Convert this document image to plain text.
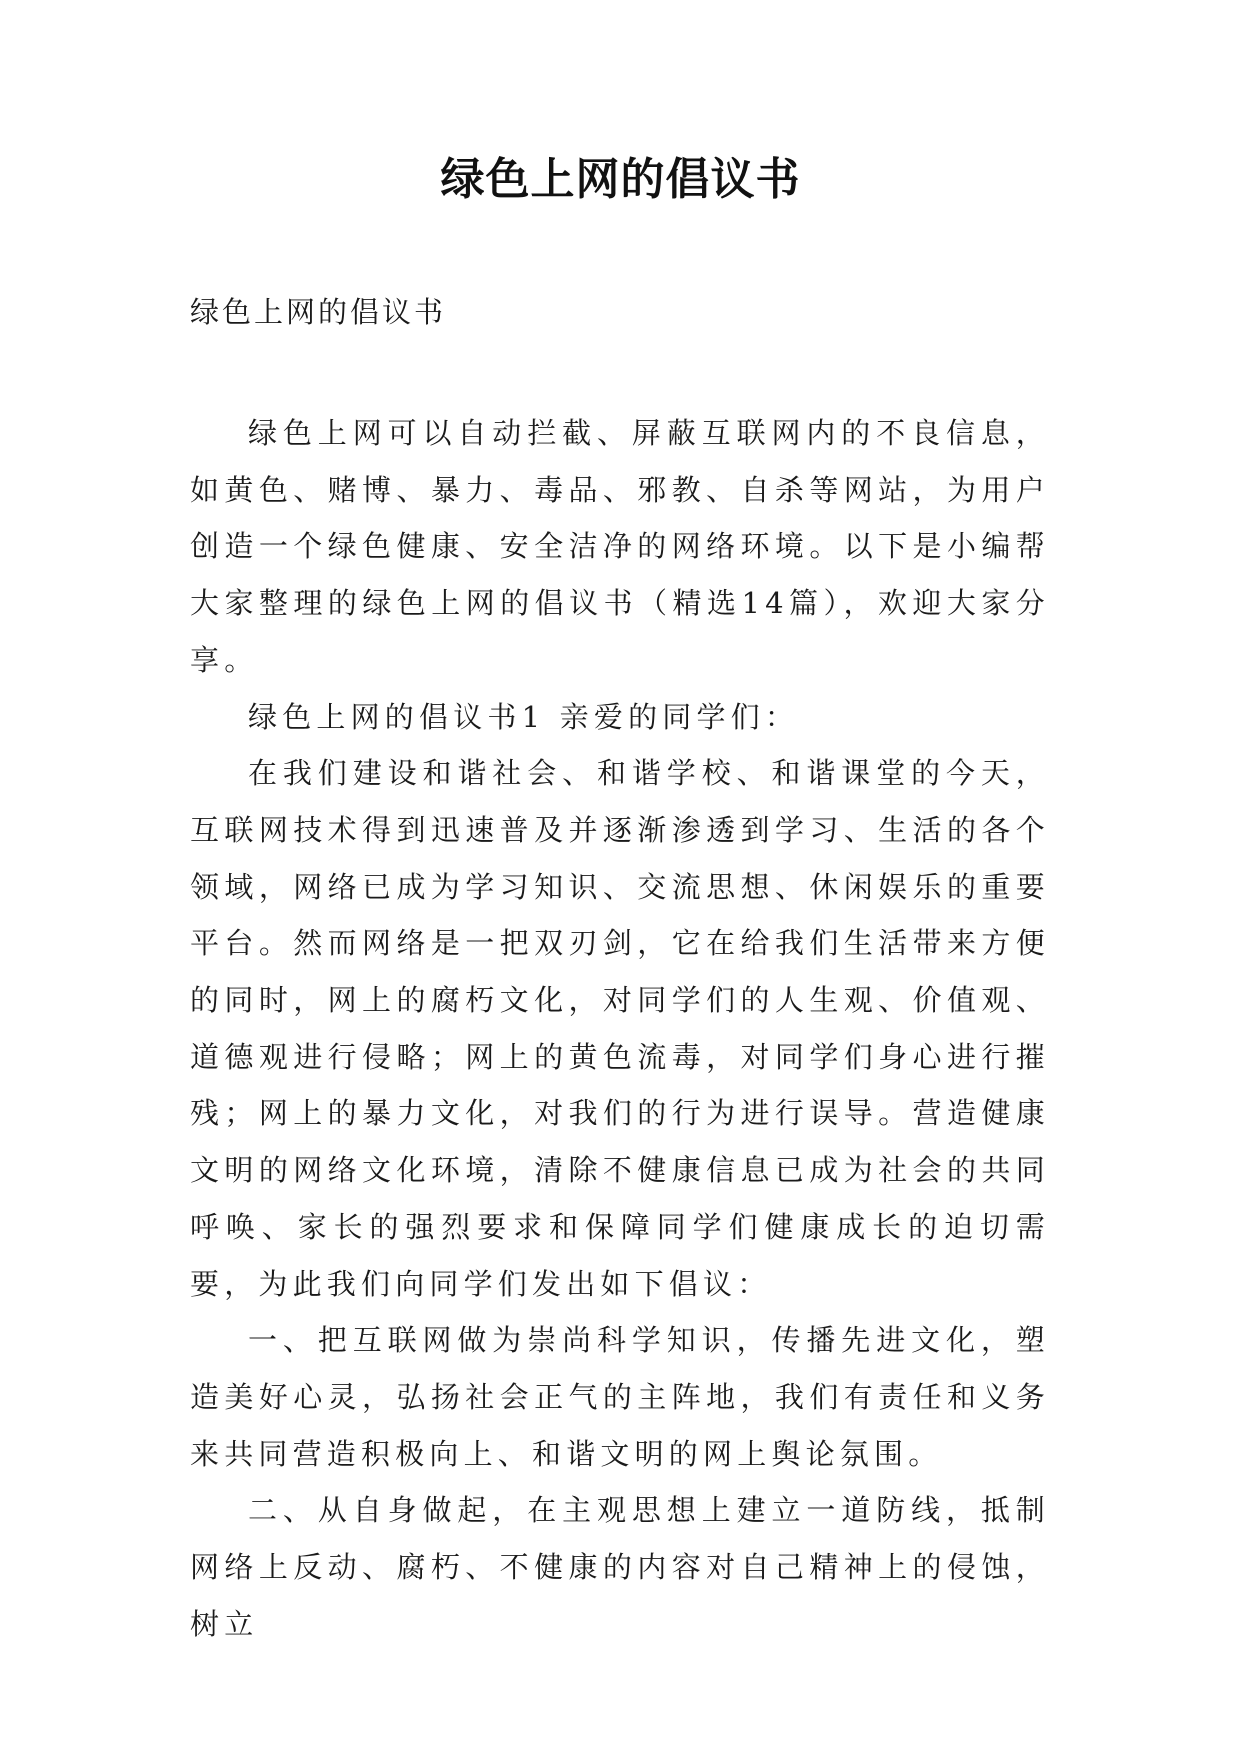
绿色上网的倡议书

绿色上网的倡议书

绿色上网可以自动拦截、屏蔽互联网内的不良信息，如黄色、赌博、暴力、毒品、邪教、自杀等网站，为用户创造一个绿色健康、安全洁净的网络环境。以下是小编帮大家整理的绿色上网的倡议书（精选14篇），欢迎大家分享。

绿色上网的倡议书1 亲爱的同学们：

在我们建设和谐社会、和谐学校、和谐课堂的今天，互联网技术得到迅速普及并逐渐渗透到学习、生活的各个领域，网络已成为学习知识、交流思想、休闲娱乐的重要平台。然而网络是一把双刃剑，它在给我们生活带来方便的同时，网上的腐朽文化，对同学们的人生观、价值观、道德观进行侵略；网上的黄色流毒，对同学们身心进行摧残；网上的暴力文化，对我们的行为进行误导。营造健康文明的网络文化环境，清除不健康信息已成为社会的共同呼唤、家长的强烈要求和保障同学们健康成长的迫切需要，为此我们向同学们发出如下倡议：

一、把互联网做为崇尚科学知识，传播先进文化，塑造美好心灵，弘扬社会正气的主阵地，我们有责任和义务来共同营造积极向上、和谐文明的网上舆论氛围。

二、从自身做起，在主观思想上建立一道防线，抵制网络上反动、腐朽、不健康的内容对自己精神上的侵蚀，树立
